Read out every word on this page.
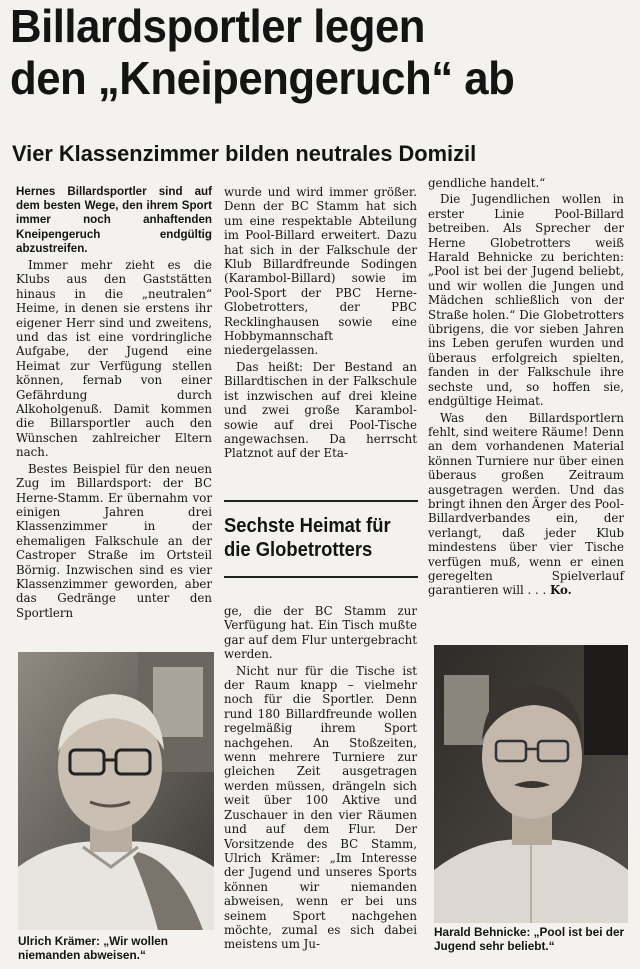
Billardsportler legen
den „Kneipengeruch“ ab
Vier Klassenzimmer bilden neutrales Domizil

Hernes Billardsportler sind auf dem besten Wege, den ihrem Sport immer noch anhaftenden Kneipengeruch endgültig abzustreifen.

Immer mehr zieht es die Klubs aus den Gaststätten hinaus in die „neutralen“ Heime, in denen sie erstens ihr eigener Herr sind und zweitens, und das ist eine vordringliche Aufgabe, der Jugend eine Heimat zur Verfügung stellen können, fernab von einer Gefährdung durch Alkoholgenuß. Damit kommen die Billarsportler auch den Wünschen zahlreicher Eltern nach.

Bestes Beispiel für den neuen Zug im Billardsport: der BC Herne-Stamm. Er übernahm vor einigen Jahren drei Klassenzimmer in der ehemaligen Falkschule an der Castroper Straße im Ortsteil Börnig. Inzwischen sind es vier Klassenzimmer geworden, aber das Gedränge unter den Sportlern

wurde und wird immer größer. Denn der BC Stamm hat sich um eine respektable Abteilung im Pool-Billard erweitert. Dazu hat sich in der Falkschule der Klub Billardfreunde Sodingen (Karambol-Billard) sowie im Pool-Sport der PBC Herne-Globetrotters, der PBC Recklinghausen sowie eine Hobbymannschaft niedergelassen.

Das heißt: Der Bestand an Billardtischen in der Falkschule ist inzwischen auf drei kleine und zwei große Karambol- sowie auf drei Pool-Tische angewachsen. Da herrscht Platznot auf der Eta-

Sechste Heimat für die Globetrotters

ge, die der BC Stamm zur Verfügung hat. Ein Tisch mußte gar auf dem Flur untergebracht werden.

Nicht nur für die Tische ist der Raum knapp – vielmehr noch für die Sportler. Denn rund 180 Billardfreunde wollen regelmäßig ihrem Sport nachgehen. An Stoßzeiten, wenn mehrere Turniere zur gleichen Zeit ausgetragen werden müssen, drängeln sich weit über 100 Aktive und Zuschauer in den vier Räumen und auf dem Flur. Der Vorsitzende des BC Stamm, Ulrich Krämer: „Im Interesse der Jugend und unseres Sports können wir niemanden abweisen, wenn er bei uns seinem Sport nachgehen möchte, zumal es sich dabei meistens um Ju-

gendliche handelt.“

Die Jugendlichen wollen in erster Linie Pool-Billard betreiben. Als Sprecher der Herne Globetrotters weiß Harald Behnicke zu berichten: „Pool ist bei der Jugend beliebt, und wir wollen die Jungen und Mädchen schließlich von der Straße holen.“ Die Globetrotters übrigens, die vor sieben Jahren ins Leben gerufen wurden und überaus erfolgreich spielten, fanden in der Falkschule ihre sechste und, so hoffen sie, endgültige Heimat.

Was den Billardsportlern fehlt, sind weitere Räume! Denn an dem vorhandenen Material können Turniere nur über einen überaus großen Zeitraum ausgetragen werden. Und das bringt ihnen den Ärger des Pool-Billardverbandes ein, der verlangt, daß jeder Klub mindestens über vier Tische verfügen muß, wenn er einen geregelten Spielverlauf garantieren will . . . Ko.

Ulrich Krämer: „Wir wollen niemanden abweisen.“
Harald Behnicke: „Pool ist bei der Jugend sehr beliebt.“
